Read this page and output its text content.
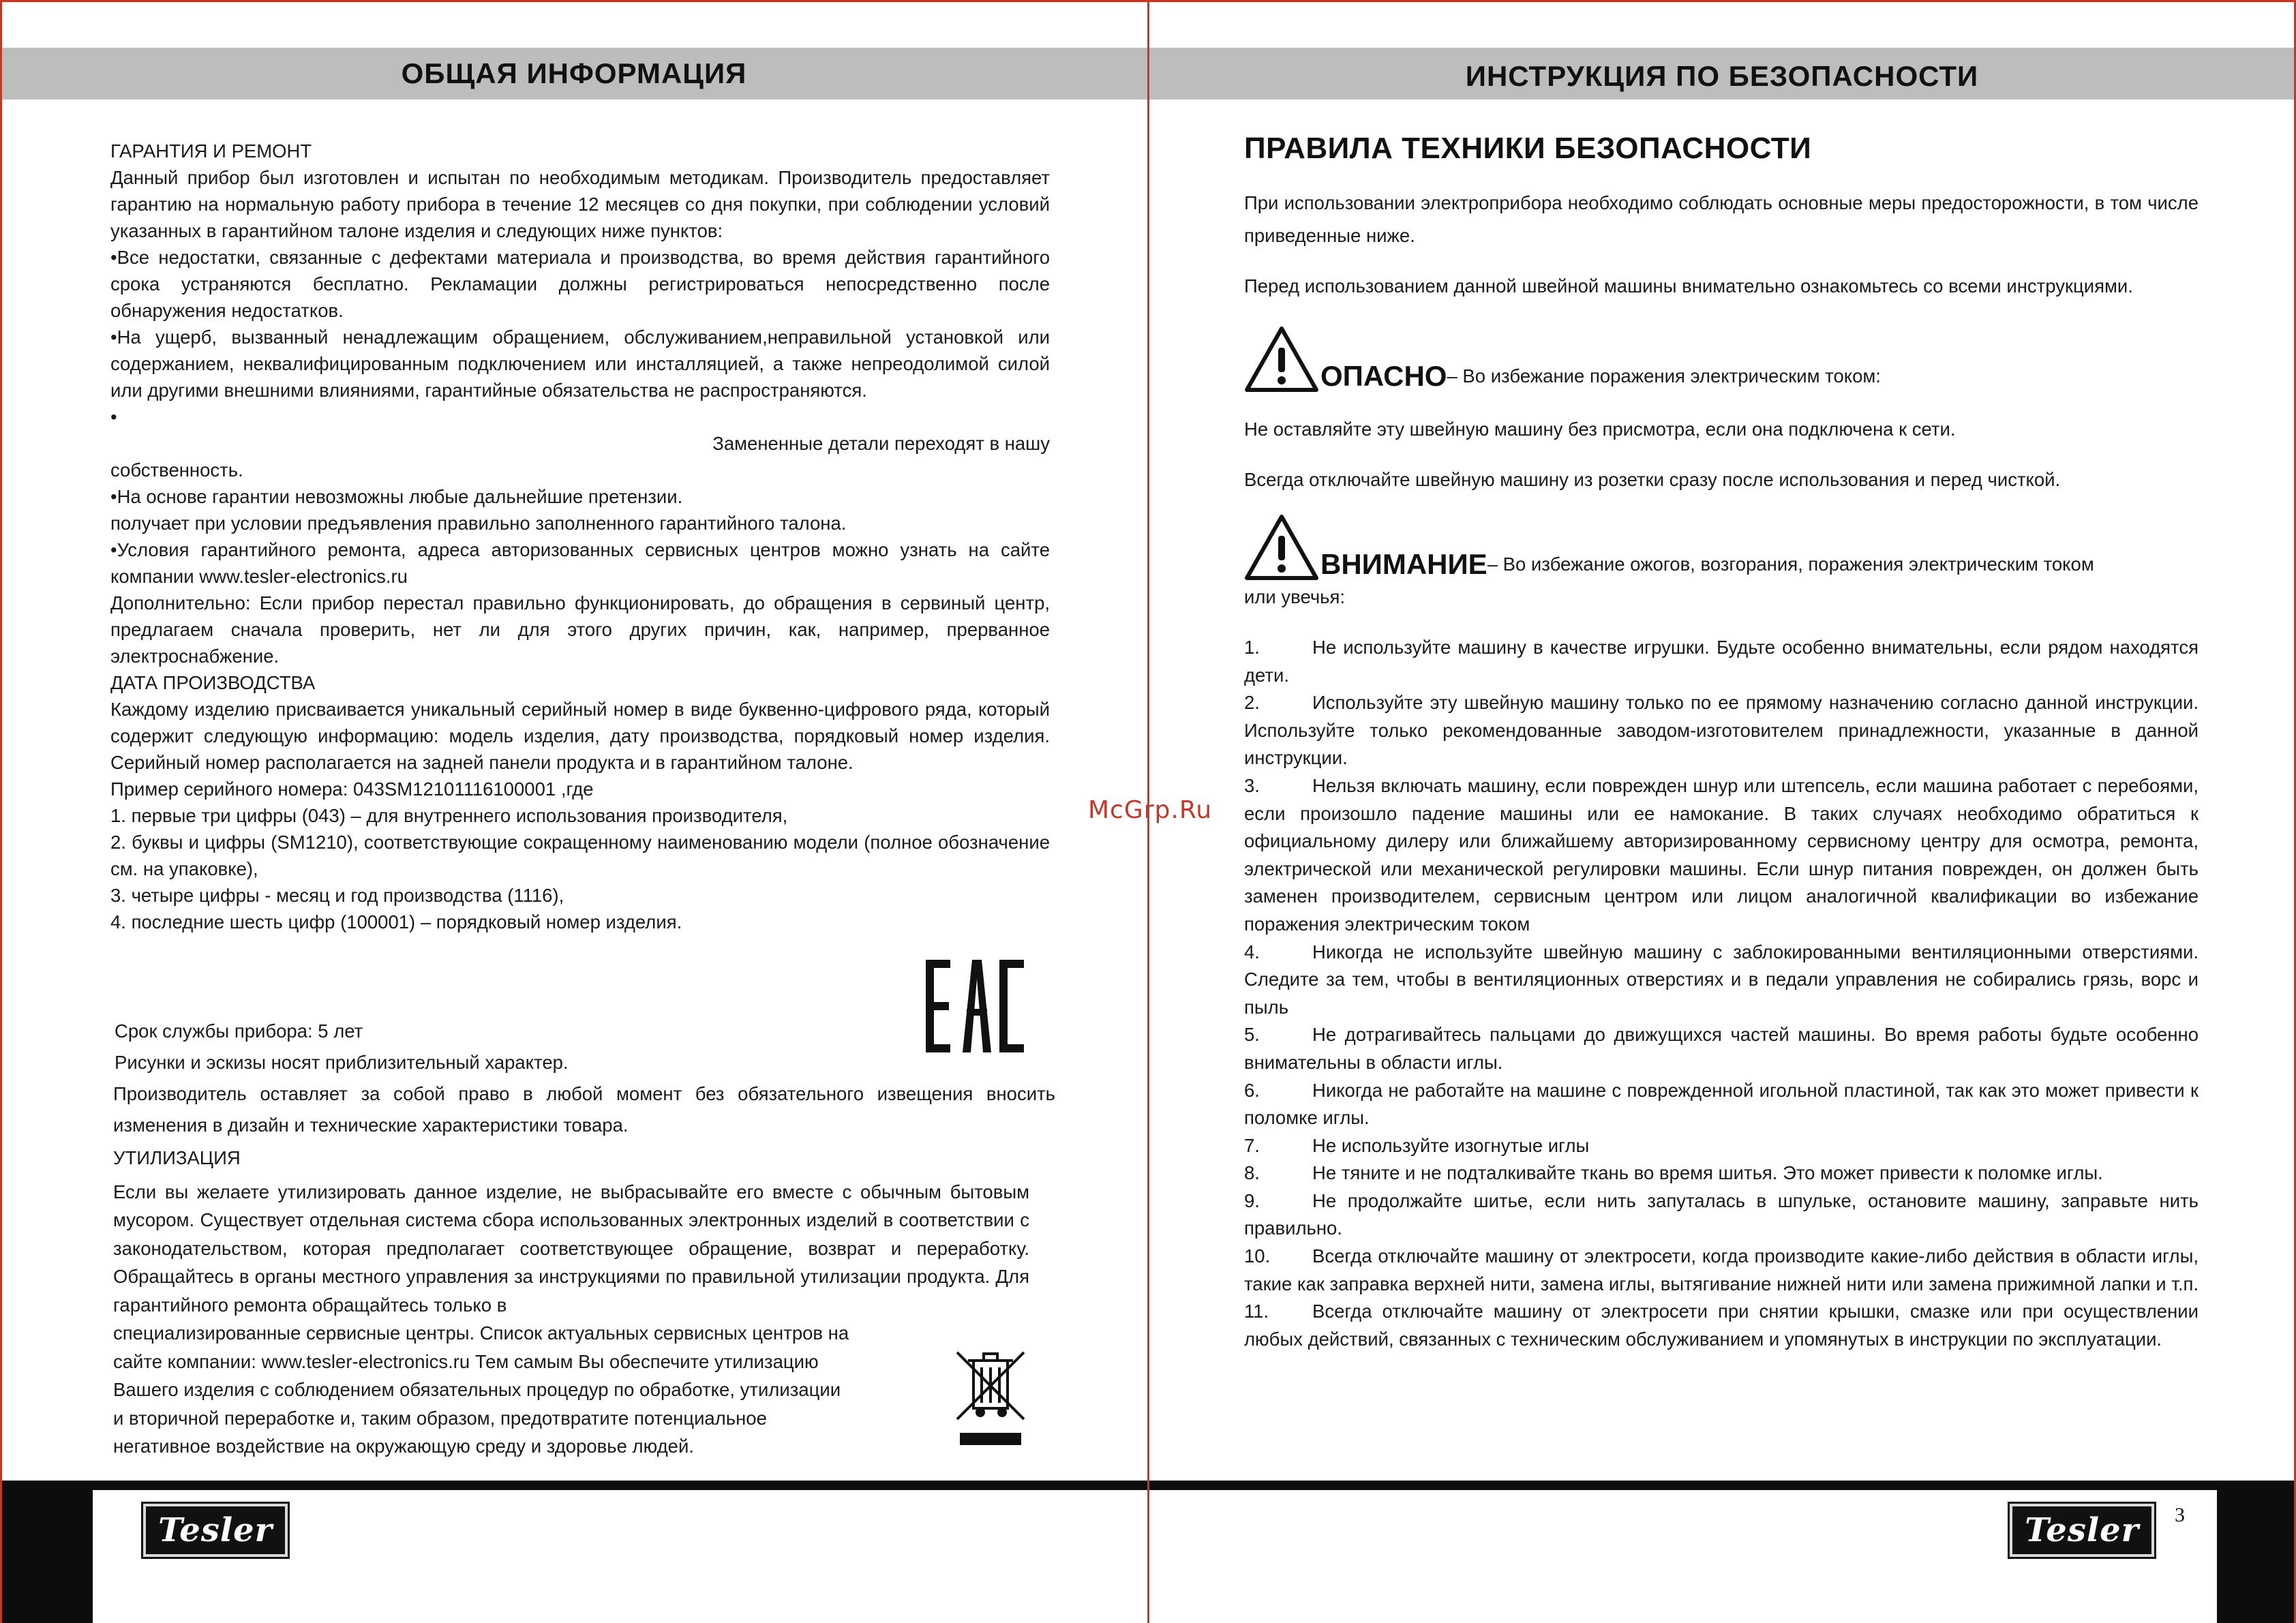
ОБЩАЯ ИНФОРМАЦИЯ

ГАРАНТИЯ И РЕМОНТ

Данный прибор был изготовлен и испытан по необходимым методикам. Производитель предоставляет гарантию на нормальную работу прибора в течение 12 месяцев со дня покупки, при соблюдении условий указанных в гарантийном талоне изделия и следующих ниже пунктов:

•Все недостатки, связанные с дефектами материала и производства, во время действия гарантийного срока устраняются бесплатно. Рекламации должны регистрироваться непосредственно после обнаружения недостатков.

•На ущерб, вызванный ненадлежащим обращением, обслуживанием,неправильной установкой или содержанием, неквалифицированным подключением или инсталляцией, а также непреодолимой силой или другими внешними влияниями, гарантийные обязательства не распространяются.

•

Замененные детали переходят в нашу

собственность.

•На основе гарантии невозможны любые дальнейшие претензии.

получает при условии предъявления правильно заполненного гарантийного талона.

•Условия гарантийного ремонта, адреса авторизованных сервисных центров можно узнать на сайте компании www.tesler-electronics.ru

Дополнительно: Если прибор перестал правильно функционировать, до обращения в сервиный центр, предлагаем сначала проверить, нет ли для этого других причин, как, например, прерванное электроснабжение.

ДАТА ПРОИЗВОДСТВА

Каждому изделию присваивается уникальный серийный номер в виде буквенно-цифрового ряда, который содержит следующую информацию: модель изделия, дату производства, порядковый номер изделия. Серийный номер располагается на задней панели продукта и в гарантийном талоне.

Пример серийного номера: 043SM12101116100001 ,где

1. первые три цифры (043) – для внутреннего использования производителя,

2. буквы и цифры (SM1210), соответствующие сокращенному наименованию модели (полное обозначение см. на упаковке),

3. четыре цифры - месяц и год производства (1116),

4. последние шесть цифр (100001) – порядковый номер изделия.

Срок службы прибора: 5 лет

Рисунки и эскизы носят приблизительный характер.

Производитель оставляет за собой право в любой момент без обязательного извещения вносить изменения в дизайн и технические характеристики товара.

УТИЛИЗАЦИЯ

Если вы желаете утилизировать данное изделие, не выбрасывайте его вместе с обычным бытовым мусором. Существует отдельная система сбора использованных электронных изделий в соответствии с законодательством, которая предполагает соответствующее обращение, возврат и переработку. Обращайтесь в органы местного управления за инструкциями по правильной утилизации продукта. Для гарантийного ремонта обращайтесь только в

специализированные сервисные центры. Список актуальных сервисных центров на

сайте компании: www.tesler-electronics.ru Тем самым Вы обеспечите утилизацию

Вашего изделия с соблюдением обязательных процедур по обработке, утилизации

и вторичной переработке и, таким образом, предотвратите потенциальное

негативное воздействие на окружающую среду и здоровье людей.

18	Tesler
ИНСТРУКЦИЯ ПО БЕЗОПАСНОСТИ
ПРАВИЛА ТЕХНИКИ БЕЗОПАСНОСТИ

При использовании электроприбора необходимо соблюдать основные меры предосторожности, в том числе приведенные ниже.

Перед использованием данной швейной машины внимательно ознакомьтесь со всеми инструкциями.

ОПАСНО – Во избежание поражения электрическим током:

Не оставляйте эту швейную машину без присмотра, если она подключена к сети.

Всегда отключайте швейную машину из розетки сразу после использования и перед чисткой.

ВНИМАНИЕ – Во избежание ожогов, возгорания, поражения электрическим током

или увечья:

1.	Не используйте машину в качестве игрушки. Будьте особенно внимательны, если рядом находятся дети.
2.	Используйте эту швейную машину только по ее прямому назначению согласно данной инструкции. Используйте только рекомендованные заводом-изготовителем принадлежности, указанные в данной инструкции.
3.	Нельзя включать машину, если поврежден шнур или штепсель, если машина работает с перебоями, если произошло падение машины или ее намокание. В таких случаях необходимо обратиться к официальному дилеру или ближайшему авторизированному сервисному центру для осмотра, ремонта, электрической или механической регулировки машины. Если шнур питания поврежден, он должен быть заменен производителем, сервисным центром или лицом аналогичной квалификации во избежание поражения электрическим током
4.	Никогда не используйте швейную машину с заблокированными вентиляционными отверстиями. Следите за тем, чтобы в вентиляционных отверстиях и в педали управления не собирались грязь, ворс и пыль
5.	Не дотрагивайтесь пальцами до движущихся частей машины. Во время работы будьте особенно внимательны в области иглы.
6.	Никогда не работайте на машине с поврежденной игольной пластиной, так как это может привести к поломке иглы.
7.	Не используйте изогнутые иглы
8.	Не тяните и не подталкивайте ткань во время шитья. Это может привести к поломке иглы.
9.	Не продолжайте шитье, если нить запуталась в шпульке, остановите машину, заправьте нить правильно.
10. Всегда отключайте машину от электросети, когда производите какие-либо действия в области иглы, такие как заправка верхней нити, замена иглы, вытягивание нижней нити или замена прижимной лапки и т.п.
11. Всегда отключайте машину от электросети при снятии крышки, смазке или при осуществлении любых действий, связанных с техническим обслуживанием и упомянутых в инструкции по эксплуатации.
3
Tesler
McGrp.Ru
